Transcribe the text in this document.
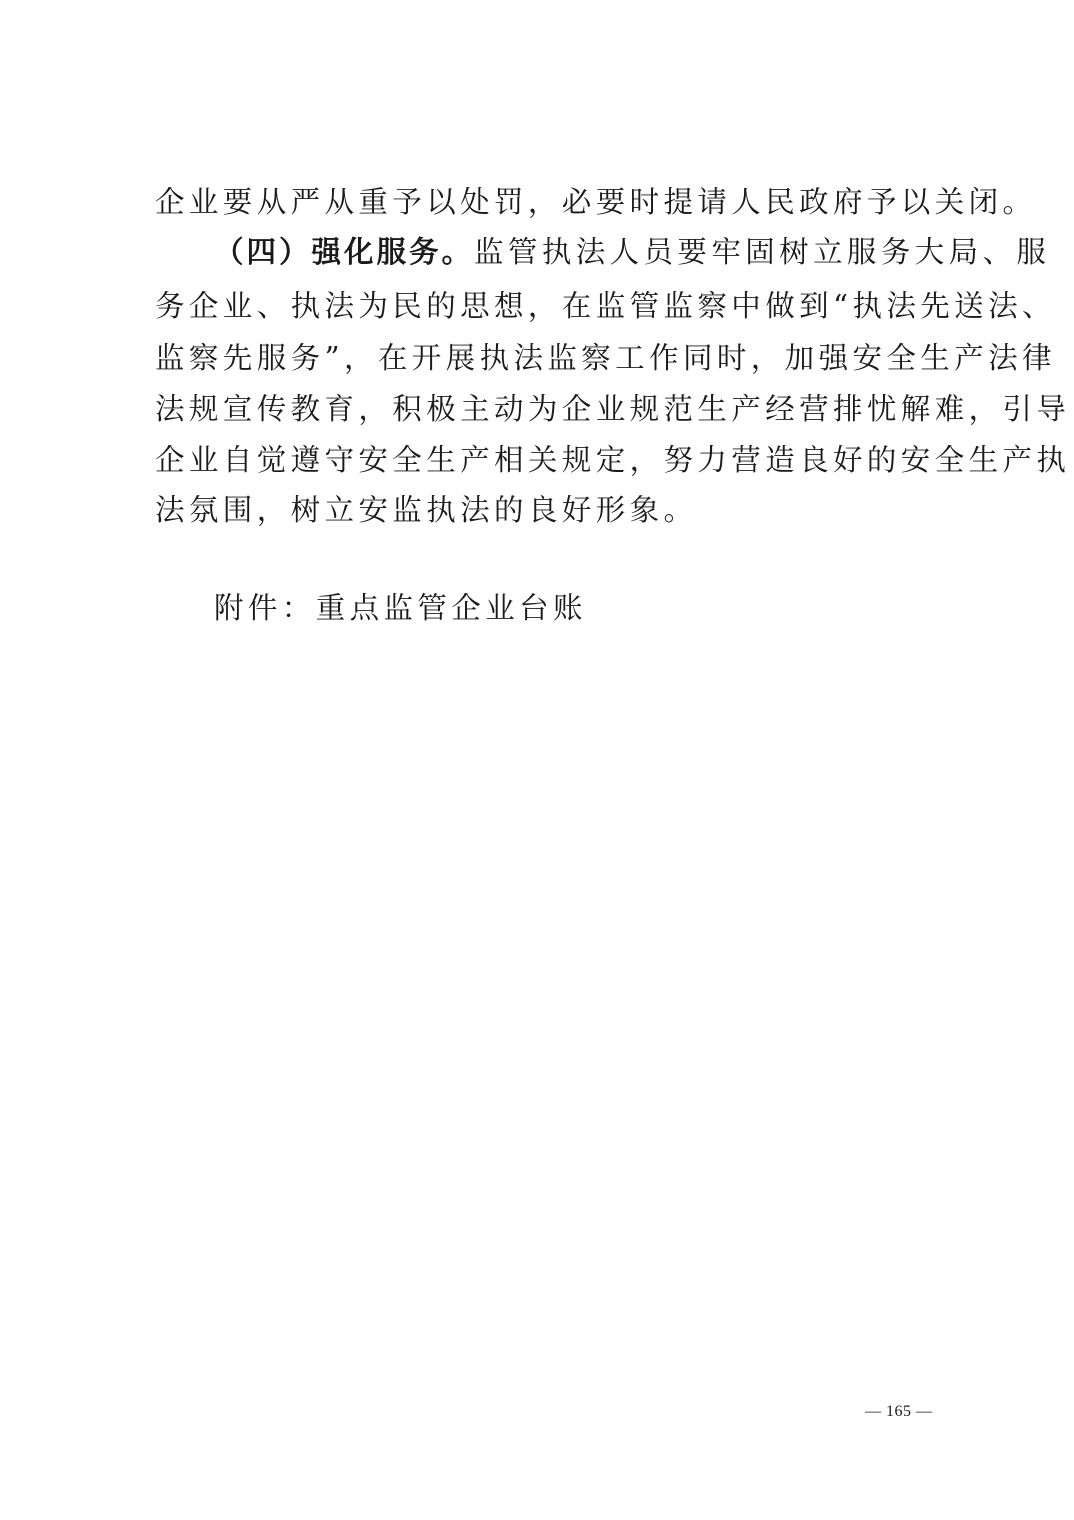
企业要从严从重予以处罚，必要时提请人民政府予以关闭。
（四）强化服务。监管执法人员要牢固树立服务大局、服
务企业、执法为民的思想，在监管监察中做到“执法先送法、
监察先服务”，在开展执法监察工作同时，加强安全生产法律
法规宣传教育，积极主动为企业规范生产经营排忧解难，引导
企业自觉遵守安全生产相关规定，努力营造良好的安全生产执
法氛围，树立安监执法的良好形象。
附件：重点监管企业台账
— 165 —
